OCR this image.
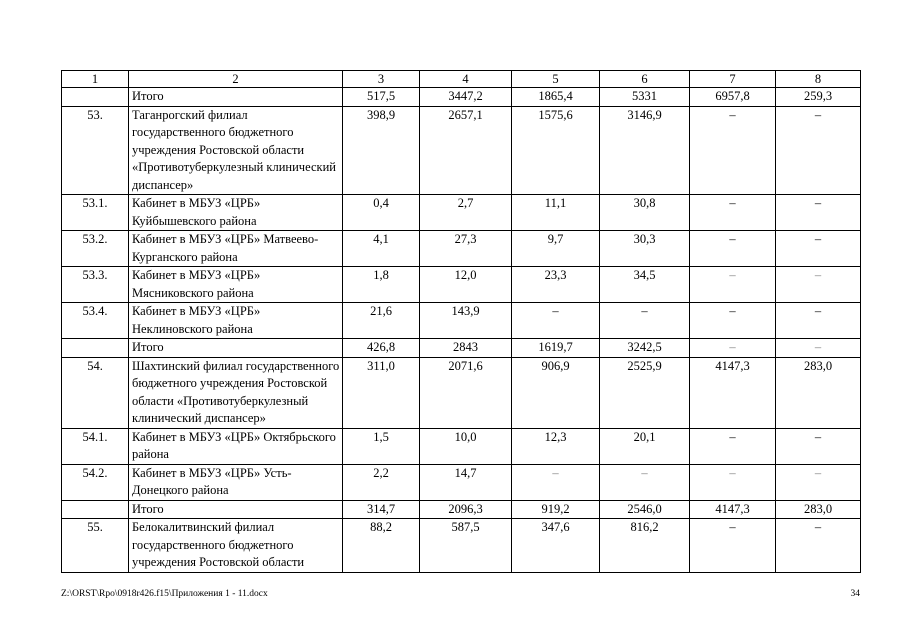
1	2	3	4	5	6	7	8
	Итого	517,5	3447,2	1865,4	5331	6957,8	259,3
53.	Таганрогский филиал государственного бюджетного учреждения Ростовской области «Противотуберкулезный клинический диспансер»	398,9	2657,1	1575,6	3146,9	–	–
53.1.	Кабинет в МБУЗ «ЦРБ» Куйбышевского района	0,4	2,7	11,1	30,8	–	–
53.2.	Кабинет в МБУЗ «ЦРБ» Матвеево-Курганского района	4,1	27,3	9,7	30,3	–	–
53.3.	Кабинет в МБУЗ «ЦРБ» Мясниковского района	1,8	12,0	23,3	34,5	–	–
53.4.	Кабинет в МБУЗ «ЦРБ» Неклиновского района	21,6	143,9	–	–	–	–
	Итого	426,8	2843	1619,7	3242,5	–	–
54.	Шахтинский филиал государственного бюджетного учреждения Ростовской области «Противотуберкулезный клинический диспансер»	311,0	2071,6	906,9	2525,9	4147,3	283,0
54.1.	Кабинет в МБУЗ «ЦРБ» Октябрьского района	1,5	10,0	12,3	20,1	–	–
54.2.	Кабинет в МБУЗ «ЦРБ» Усть-Донецкого района	2,2	14,7	–	–	–	–
	Итого	314,7	2096,3	919,2	2546,0	4147,3	283,0
55.	Белокалитвинский филиал государственного бюджетного учреждения Ростовской области	88,2	587,5	347,6	816,2	–	–
Z:\ORST\Rpo\0918r426.f15\Приложения 1 - 11.docx	34
